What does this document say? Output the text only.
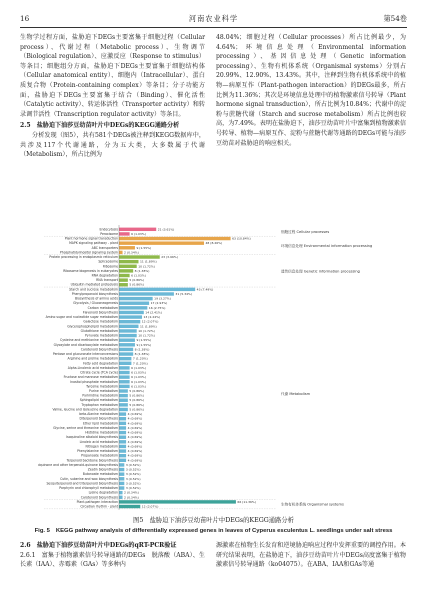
16	河南农业科学	第54卷

生物学过程方面，盐胁迫下DEGs主要富集于细胞过程（Cellular process）、代谢过程（Metabolic process）、生物调节（Biological regulation）、应激反应（Response to stimulus）等条目；细胞组分方面，盐胁迫下DEGs主要富集于细胞结构体（Cellular anatomical entity）、细胞内（Intracellular）、蛋白质复合物（Protein-containing complex）等条目；分子功能方面，盐胁迫下DEGs主要富集于结合（Binding）、催化活性（Catalytic activity）、转运体活性（Transporter activity）和转录调节活性（Transcription regulator activity）等条目。

2.5　盐胁迫下油莎豆幼苗叶片中DEGs的KEGG通路分析

分析发现（图5），共有581个DEGs被注释到KEGG数据库中，共涉及117个代谢通路，分为五大类，大多数属于代谢（Metabolism），所占比例为

48.04%；细胞过程（Cellular processes）所占比例最少，为4.64%；环境信息处理（Environmental information processing）、基因信息处理（Genetic information processing）、生物有机体系统（Organismal systems）分别占20.99%、12.90%、13.43%。其中，注释到生物有机体系统中的植物—病原互作（Plant-pathogen interaction）的DEGs最多，所占比例为11.36%；其次是环境信息处理中的植物激素信号转导（Plant hormone signal transduction），所占比例为10.84%；代谢中的淀粉与蔗糖代谢（Starch and sucrose metabolism）所占比例也较高，为7.49%。表明在盐胁迫下，油莎豆幼苗叶片中富集到植物激素信号转导、植物—病原互作、淀粉与蔗糖代谢等通路的DEGs可能与油莎豆幼苗对盐胁迫的响应相关。

细胞过程 Cellular processes
环境信息处理 Environmental information processing
遗传信息处理 Genetic information processing
代谢 Metabolism
生物有机体系统 Organismal systems
Endocytosis	21 (3.61%)
Peroxisome	6 (1.03%)
Plant hormone signal transduction	63 (10.84%)
MAPK signaling pathway - plant	48 (8.26%)
ABC transporters	9 (1.55%)
Phosphatidylinositol signaling system 2 (0.34%)
Protein processing in endoplasmic reticulum	23 (3.96%)
Spliceosome	11 (1.89%)
Ribosome	10 (1.72%)
Ribosome biogenesis in eukaryotes	8 (1.38%)
RNA degradation	6 (1.03%)
RNA transport	5 (0.86%)
Ubiquitin mediated proteolysis	5 (0.86%)
Starch and sucrose metabolism	43 (7.49%)
Phenylpropanoid biosynthesis	31 (5.34%)
Biosynthesis of amino acids	19 (3.27%)
Glycolysis / Gluconeogenesis	17 (2.93%)
Carbon metabolism	16 (2.75%)
Flavonoid biosynthesis	14 (2.41%)
Amino sugar and nucleotide sugar metabolism	13 (2.24%)
Galactose metabolism	12 (2.07%)
Glycerophospholipid metabolism	11 (1.89%)
Glutathione metabolism	10 (1.72%)
Pyruvate metabolism	10 (1.72%)
Cysteine and methionine metabolism	9 (1.55%)
Glyoxylate and dicarboxylate metabolism	9 (1.55%)
Carotenoid biosynthesis	8 (1.38%)
Pentose and glucuronate interconversions	8 (1.38%)
Arginine and proline metabolism	7 (1.20%)
Fatty acid degradation	7 (1.20%)
Alpha-Linolenic acid metabolism	6 (1.03%)
Citrate cycle (TCA cycle)	6 (1.03%)
Fructose and mannose metabolism	6 (1.03%)
Inositol phosphate metabolism	6 (1.03%)
Tyrosine metabolism	6 (1.03%)
Purine metabolism	5 (0.86%)
Pyrimidine metabolism	5 (0.86%)
Sphingolipid metabolism	5 (0.86%)
Tryptophan metabolism	5 (0.86%)
Valine, leucine and isoleucine degradation	5 (0.86%)
beta-Alanine metabolism	4 (0.69%)
Diterpenoid biosynthesis	4 (0.69%)
Ether lipid metabolism	4 (0.69%)
Glycine, serine and threonine metabolism	4 (0.69%)
Histidine metabolism	4 (0.69%)
Isoquinoline alkaloid biosynthesis	4 (0.69%)
Linoleic acid metabolism	4 (0.69%)
Nitrogen metabolism	4 (0.69%)
Phenylalanine metabolism	4 (0.69%)
Propanoate metabolism	4 (0.69%)
Terpenoid backbone biosynthesis	4 (0.69%)
Ubiquinone and other terpenoid-quinone biosynthesis	3 (0.52%)
Zeatin biosynthesis	3 (0.52%)
Butanoate metabolism	3 (0.52%)
Cutin, suberine and wax biosynthesis	3 (0.52%)
Sesquiterpenoid and triterpenoid biosynthesis	3 (0.52%)
Porphyrin and chlorophyll metabolism	3 (0.52%)
Lysine degradation 2 (0.34%)
Carotenoid biosynthesis 2 (0.34%)
Plant-pathogen interaction	66 (11.36%)
Circadian rhythm - plant	12 (2.07%)
图5　盐胁迫下油莎豆幼苗叶片中DEGs的KEGG通路分析
Fig. 5　KEGG pathway analysis of differentially expressed genes in leaves of Cyperus esculentus L. seedlings under salt stress

2.6　盐胁迫下油莎豆幼苗叶片中DEGs的qRT-PCR验证

2.6.1　富集于植物激素信号转导通路的DEGs　脱落酸（ABA）、生长素（IAA）、赤霉素（GAs）等多种内

源激素在植物生长发育和逆境胁迫响应过程中发挥重要的调控作用。本研究结果表明，在盐胁迫下，油莎豆幼苗叶片中DEGs高度富集于植物激素信号转导通路（ko04075）。在ABA、IAA和GAs等通
